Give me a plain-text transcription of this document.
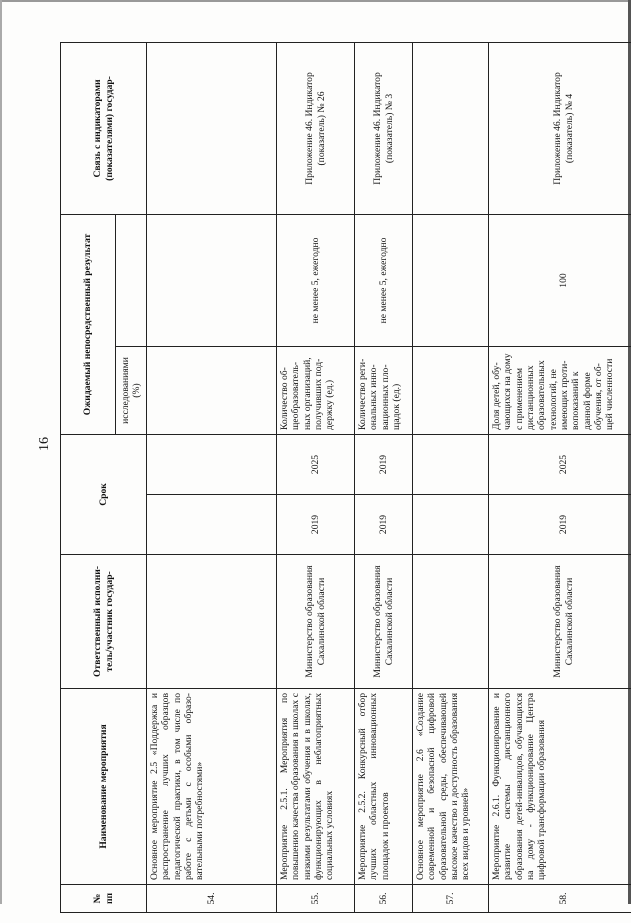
16
№ пп	Наименование мероприятия	Ответственный исполнитель/участник государ-	Срок		Ожидаемый непосредственный результат		Связь с индикаторами (показателями) государ-
					исследованиями (%)		
54.	Основное мероприятие 2.5 «Поддержка и распространение лучших образцов педагогической практики, в том числе по работе с детьми с особыми образовательными потребностями»						
55.	Мероприятие 2.5.1. Мероприятия по повышению качества образования в школах с низкими результатами обучения и в школах, функционирующих в неблагоприятных социальных условиях	Министерство образования Сахалинской области	2019	2025	Количество общеобразовательных организаций, получивших поддержку (ед.)	не менее 5, ежегодно	Приложение 46. Индикатор (показатель) № 26
56.	Мероприятие 2.5.2. Конкурсный отбор лучших областных инновационных площадок и проектов	Министерство образования Сахалинской области	2019	2019	Количество региональных инновационных площадок (ед.)	не менее 5, ежегодно	Приложение 46. Индикатор (показатель) № 3
57.	Основное мероприятие 2.6 «Создание современной и безопасной цифровой образовательной среды, обеспечивающей высокое качество и доступность образования всех видов и уровней»						
58.	Мероприятие 2.6.1. Функционирование и развитие системы дистанционного образования детей-инвалидов, обучающихся на дому - функционирование Центра цифровой трансформации образования	Министерство образования Сахалинской области	2019	2025	Доля детей, обучающихся на дому с применением дистанционных образовательных технологий, не имеющих противопоказаний к данной форме обучения, от общей численности	100	Приложение 46. Индикатор (показатель) № 4
